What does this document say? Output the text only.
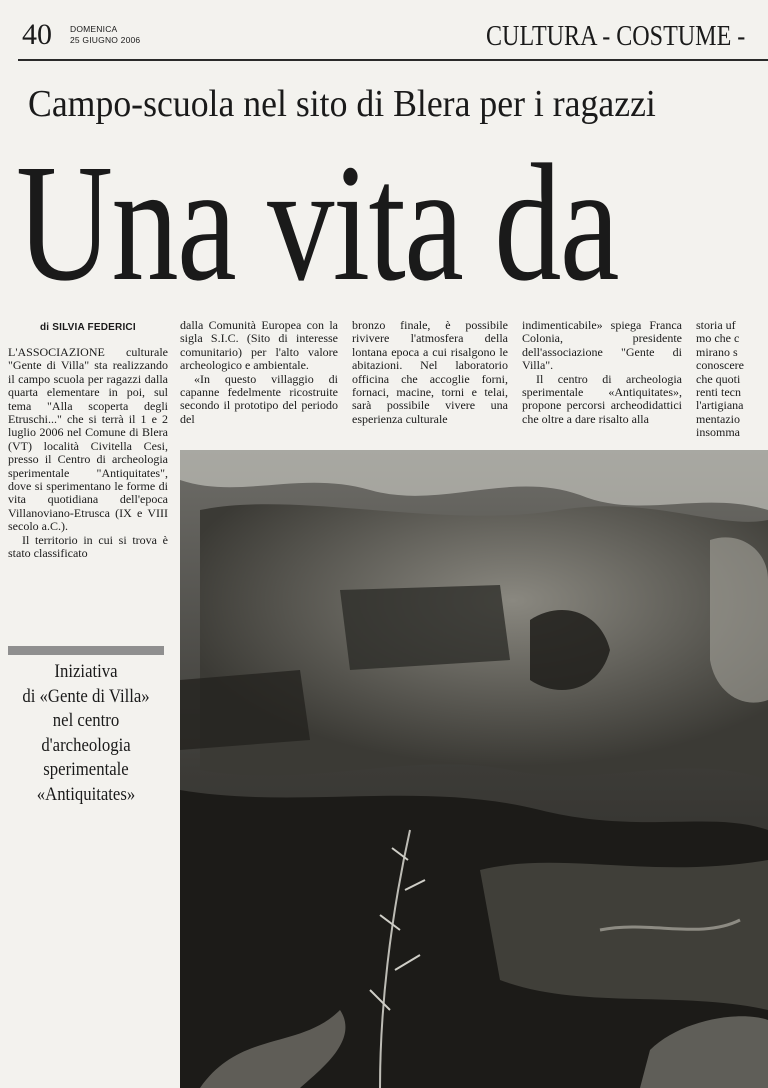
40 DOMENICA
25 GIUGNO 2006	CULTURA - COSTUME -
Campo-scuola nel sito di Blera per i ragazzi
Una vita da
di SILVIA FEDERICI

L'ASSOCIAZIONE culturale "Gente di Villa" sta realizzando il campo scuola per ragazzi dalla quarta elementare in poi, sul tema "Alla scoperta degli Etruschi..." che si terrà il 1 e 2 luglio 2006 nel Comune di Blera (VT) località Civitella Cesi, presso il Centro di archeologia sperimentale "Antiquitates", dove si sperimentano le forme di vita quotidiana dell'epoca Villanoviano-Etrusca (IX e VIII secolo a.C.).

Il territorio in cui si trova è stato classificato

dalla Comunità Europea con la sigla S.I.C. (Sito di interesse comunitario) per l'alto valore archeologico e ambientale.

«In questo villaggio di capanne fedelmente ricostruite secondo il prototipo del periodo del

bronzo finale, è possibile rivivere l'atmosfera della lontana epoca a cui risalgono le abitazioni. Nel laboratorio officina che accoglie forni, fornaci, macine, torni e telai, sarà possibile vivere una esperienza culturale

indimenticabile» spiega Franca Colonia, presidente dell'associazione "Gente di Villa".

Il centro di archeologia sperimentale «Antiquitates», propone percorsi archeodidattici che oltre a dare risalto alla

storia uf
mo che c
mirano s
conoscere
che quoti
renti tecn
l'artigiana
mentazio
insomma
Iniziativa
di «Gente di Villa»
nel centro
d'archeologia
sperimentale
«Antiquitates»
